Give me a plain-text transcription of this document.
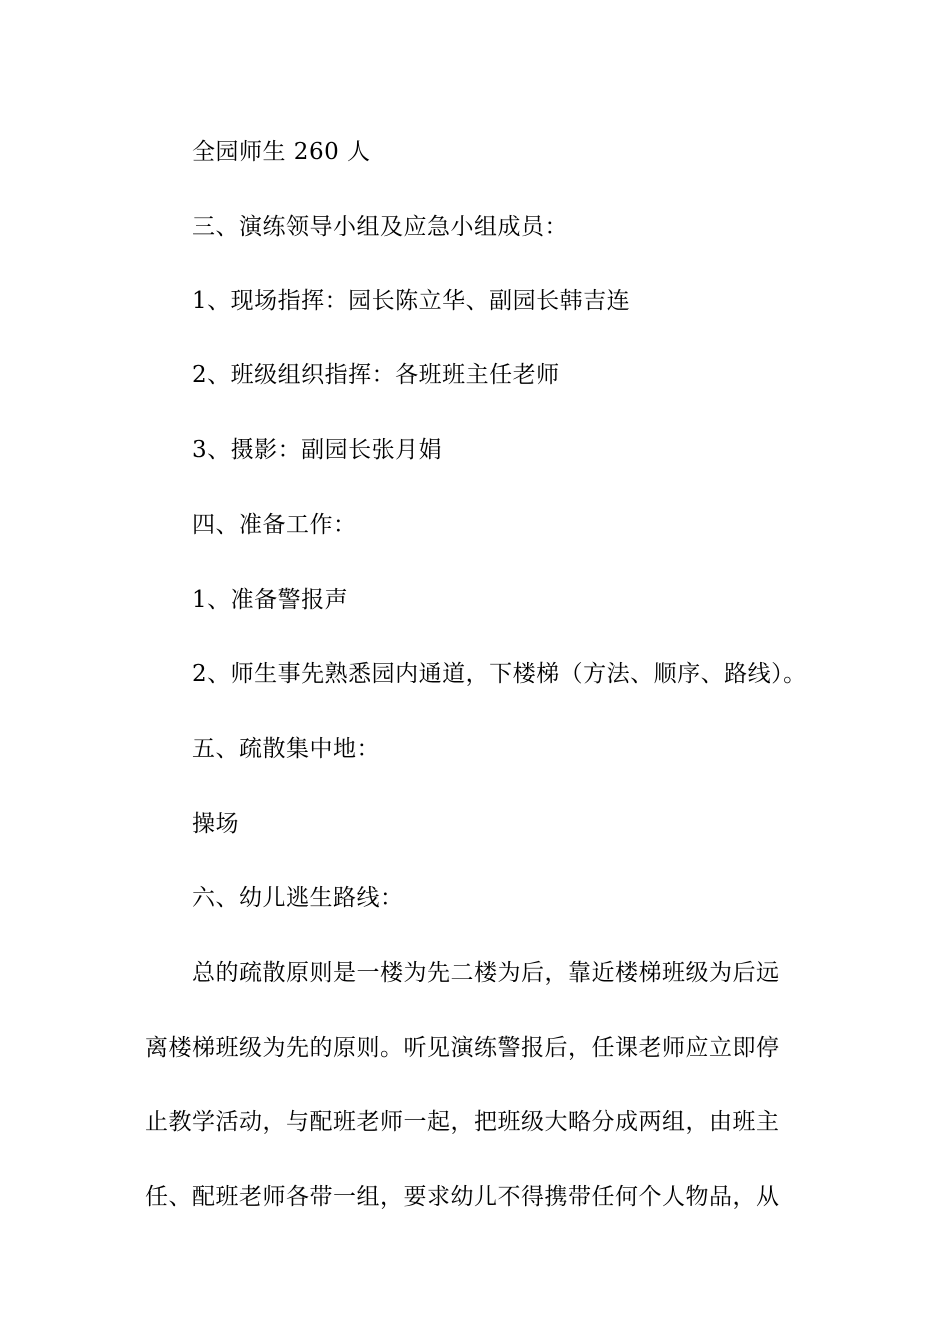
全园师生 260 人
三、演练领导小组及应急小组成员：
1、现场指挥：园长陈立华、副园长韩吉连
2、班级组织指挥：各班班主任老师
3、摄影：副园长张月娟
四、准备工作：
1、准备警报声
2、师生事先熟悉园内通道，下楼梯（方法、顺序、路线）。
五、疏散集中地：
操场
六、幼儿逃生路线：
总的疏散原则是一楼为先二楼为后，靠近楼梯班级为后远
离楼梯班级为先的原则。听见演练警报后，任课老师应立即停
止教学活动，与配班老师一起，把班级大略分成两组，由班主
任、配班老师各带一组，要求幼儿不得携带任何个人物品，从
